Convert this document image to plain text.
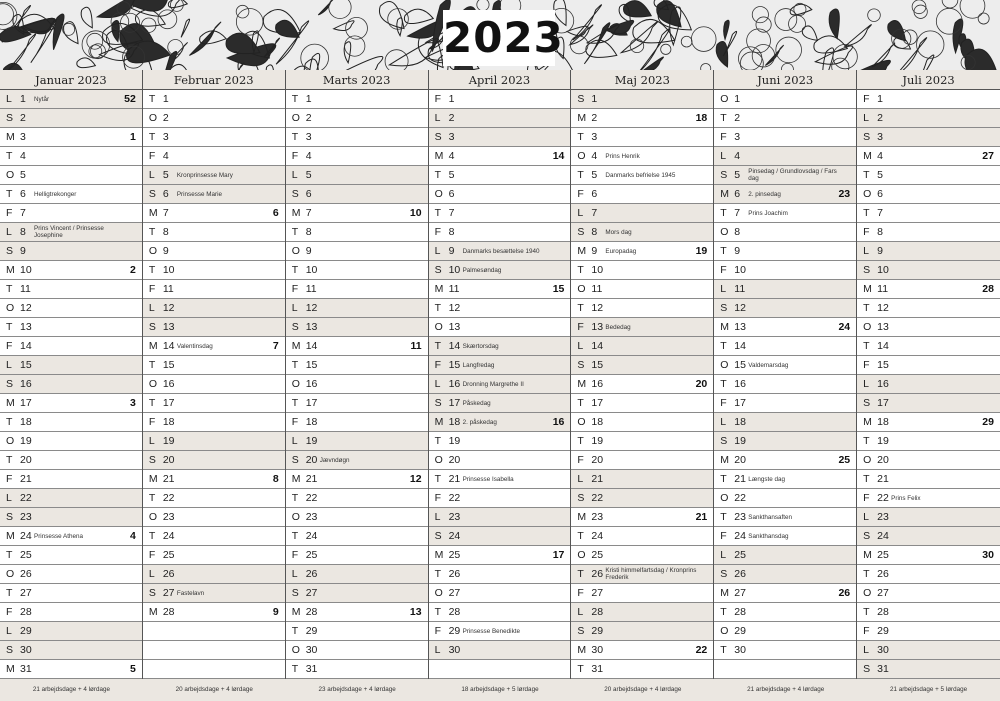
2023
Januar 2023
L 1 Nytår	52
S 2
M 3	1
T 4
O 5
T 6 Helligtrekonger
F 7
L 8 Prins Vincent / Prinsesse Josephine
S 9
M 10	2
T 11
O 12
T 13
F 14
L 15
S 16
M 17	3
T 18
O 19
T 20
F 21
L 22
S 23
M 24 Prinsesse Athena	4
T 25
O 26
T 27
F 28
L 29
S 30
M 31	5
21 arbejdsdage + 4 lørdage
Februar 2023
T 1
O 2
T 3
F 4
L 5 Kronprinsesse Mary
S 6 Prinsesse Marie
M 7	6
T 8
O 9
T 10
F 11
L 12
S 13
M 14 Valentinsdag	7
T 15
O 16
T 17
F 18
L 19
S 20
M 21	8
T 22
O 23
T 24
F 25
L 26
S 27 Fastelavn
M 28	9
20 arbejdsdage + 4 lørdage
Marts 2023
T 1
O 2
T 3
F 4
L 5
S 6
M 7	10
T 8
O 9
T 10
F 11
L 12
S 13
M 14	11
T 15
O 16
T 17
F 18
L 19
S 20 Jævndøgn
M 21	12
T 22
O 23
T 24
F 25
L 26
S 27
M 28	13
T 29
O 30
T 31
23 arbejdsdage + 4 lørdage
April 2023
F 1
L 2
S 3
M 4	14
T 5
O 6
T 7
F 8
L 9 Danmarks besættelse 1940
S 10 Palmesøndag
M 11	15
T 12
O 13
T 14 Skærtorsdag
F 15 Langfredag
L 16 Dronning Margrethe II
S 17 Påskedag
M 18 2. påskedag	16
T 19
O 20
T 21 Prinsesse Isabella
F 22
L 23
S 24
M 25	17
T 26
O 27
T 28
F 29 Prinsesse Benedikte
L 30
18 arbejdsdage + 5 lørdage
Maj 2023
S 1
M 2	18
T 3
O 4 Prins Henrik
T 5 Danmarks befrielse 1945
F 6
L 7
S 8 Mors dag
M 9 Europadag	19
T 10
O 11
T 12
F 13 Bededag
L 14
S 15
M 16	20
T 17
O 18
T 19
F 20
L 21
S 22
M 23	21
T 24
O 25
T 26 Kristi himmelfartsdag / Kronprins Frederik
F 27
L 28
S 29
M 30	22
T 31
20 arbejdsdage + 4 lørdage
Juni 2023
O 1
T 2
F 3
L 4
S 5 Pinsedag / Grundlovsdag / Fars dag
M 6 2. pinsedag	23
T 7 Prins Joachim
O 8
T 9
F 10
L 11
S 12
M 13	24
T 14
O 15 Valdemarsdag
T 16
F 17
L 18
S 19
M 20	25
T 21 Længste dag
O 22
T 23 Sankthansaften
F 24 Sankthansdag
L 25
S 26
M 27	26
T 28
O 29
T 30
21 arbejdsdage + 4 lørdage
Juli 2023
F 1
L 2
S 3
M 4	27
T 5
O 6
T 7
F 8
L 9
S 10
M 11	28
T 12
O 13
T 14
F 15
L 16
S 17
M 18	29
T 19
O 20
T 21
F 22 Prins Felix
L 23
S 24
M 25	30
T 26
O 27
T 28
F 29
L 30
S 31
21 arbejdsdage + 5 lørdage
